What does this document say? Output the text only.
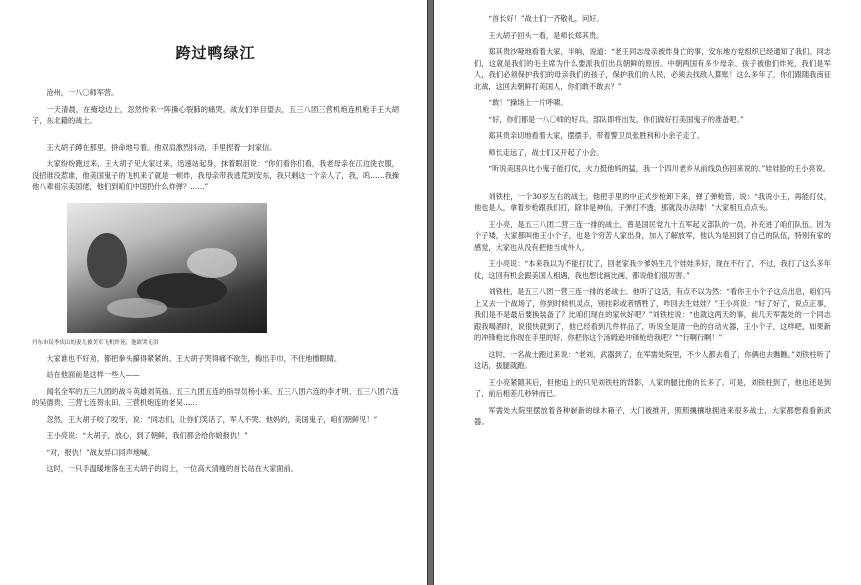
跨过鸭绿江

沧州，一八〇师军营。

一天清晨，在掩埝边上，忽然传来一阵撕心裂肺的痛哭。战友们举目望去，五三八团三营机炮连机枪手王大胡子，东北籍的战士。

王大胡子蹲在那里，拼命地号着。他双肩激烈抖动，手里捏着一封家信。

大家纷纷跑过来，王大胡子见大家过来，迅速站起身，抹着眼泪说：“你们看你们看，我老母亲在江边洗衣服，没招谁没惹谁，他美国鬼子的飞机来了就是一顿炸，我母亲带我逃荒到安东，我只剩这一个亲人了，我，呜……我操他八辈祖宗美国佬，他们到咱们中国扔什么炸弹？……”

丹东市民李庆山的妻儿被美军飞机炸死，他欲哭无泪

大家谁也不好劝，都把拳头攥得紧紧的。王大胡子哭得痛不欲生，掏出手巾，不住地擦眼睛。

站在他面前是这样一些人——

闻名全军的五三九团的战斗英雄刘英孩、五三九团五连的指导员杨小来、五三八团六连的李才明、五三八团六连的吴德贵、三营七连贺永田、三营机炮连的老吴……

忽然，王大胡子咬了咬牙，说：“同志们，让你们笑话了，军人不哭。他妈的，美国鬼子，咱们朝鲜见！”

王小亮说：“大胡子，放心，到了朝鲜，我们都会给你娘报仇！”

“对，报仇！”战友异口同声地喊。

这时，一只手温暖地落在王大胡子的肩上，一位高大清瘦的首长站在大家面前。

“首长好！”战士们一齐敬礼，问好。

王大胡子回头一看，是师长郑其贵。

郑其贵沙哑地看着大家，半晌，说道：“老王同志母亲被炸身亡的事，安东地方党组织已经通知了我们。同志们，这就是我们的毛主席为什么要派我们出兵朝鲜的原因。中朝两国有多少母亲、孩子被他们炸死，我们是军人，我们必须保护我们的母亲我们的孩子，保护我们的人民，必须去找敌人算账！这么多年了，你们跟随我南征北战，这回去朝鲜打美国人，你们敢不敢去？”

“敢！”操场上一片呼啸。

“好，你们都是一八〇师的好兵。部队即将出发，你们做好打美国鬼子的准备吧。”

郑其贵亲切地看着大家，摆摆手，带着警卫员张胜利和小余子走了。

师长走远了，战士们又开起了小会。

“听说美国兵比小鬼子能打仗，火力挺他妈的猛，我一个四川老乡从前线负伤回来说的。”娃娃脸的王小亮说。

刘铁柱，一个30岁左右的战士，他把手里的中正式步枪卸下来，弹了弹枪管，说：“我说小王，再能打仗，他也是人，拿着步枪跟我们打，除非是神仙，子弹打不透，那就没办法喽！”大家相互点点头。

王小亮，是五三八团二营三连一排的战士，曾是国民党九十五军起义部队的一员，补充进了咱们队伍。因为个子矮，大家都叫他王小个子，也是个穷苦人家出身，加入了解放军，他认为是回到了自己的队伍，特别有家的感觉，大家也从没有把他当成外人。

王小亮说：“本来我以为不能打仗了，回老家我少爹妈生几个娃娃多好，现在不行了，不过，我打了这么多年仗，这回有机会跟美国人相遇，我也想比画比画，都说他们很厉害。”

刘铁柱，是五三八团一营三连一排的老战士。他听了这话，有点不以为然：“看你王小个子这点出息，咱们马上又去一个战场了，你到时候机灵点，别挂彩或者牺牲了，咋回去生娃娃？”王小亮说：“好了好了，说点正事，我们是不是最后要换装备了？比咱们现在的家伙好吧？”刘铁柱说：“也就这两天的事，前几天军需处的一个同志跟我喝酒时，说很快就到了，他已经看到几件样品了，听说全是清一色的自动火器，王小个子，这样吧，如果新的冲锋枪比你现在手里的好，你把你这个汤姆逊冲锋枪给我吧？”“行啊行啊！”

这时，一名战士跑过来说：“老刘，武器到了，在军需处院里，不少人都去看了，你俩也去瞧瞧。”刘铁柱听了这话，拔腿就跑。

王小亮紧随其后，但他追上的只见刘铁柱的背影，人家的腿比他的长多了。可是，刘铁柱到了，他也还是到了，前后相差几秒钟而已。

军需处大院里摆放着各种崭新的绿木箱子，大门被推开，照照攘攘地拥进来很多战士，大家都想看看新武器。
